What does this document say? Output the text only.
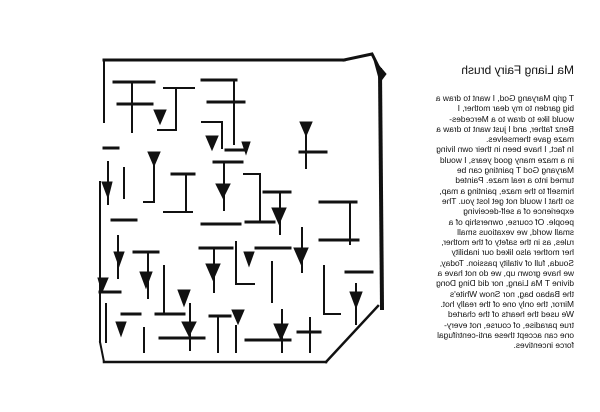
Ma Liang Fairy brush

T grip Maryang God, I want to draw a
big garden to my dear mother, I
would like to draw to a Mercedes-
Benz father, and I just want to draw a
maze gave themselves.
In fact, I have been in their own living
in a maze many good years, I would
Maryang God T painting can be
turned into a real maze. Painted
himself to the maze, painting a map,
so that I would not get lost you. The
experience of a self-deceiving
people. Of course, ownership of a
small world, we vexatious small
rules, as in the safety of the mother,
her mother also liked our inability
Souda, full of vitality passion. Today,
we have grown up, we do not have a
divine T Ma Liang, nor did Ding Dong
the Babao bag, nor Snow White's
Mirror, the only one of the really hot.
We used the hearts of the charted
true paradise, of course, not every-
one can accept these anti-centrifugal
force incentives.
